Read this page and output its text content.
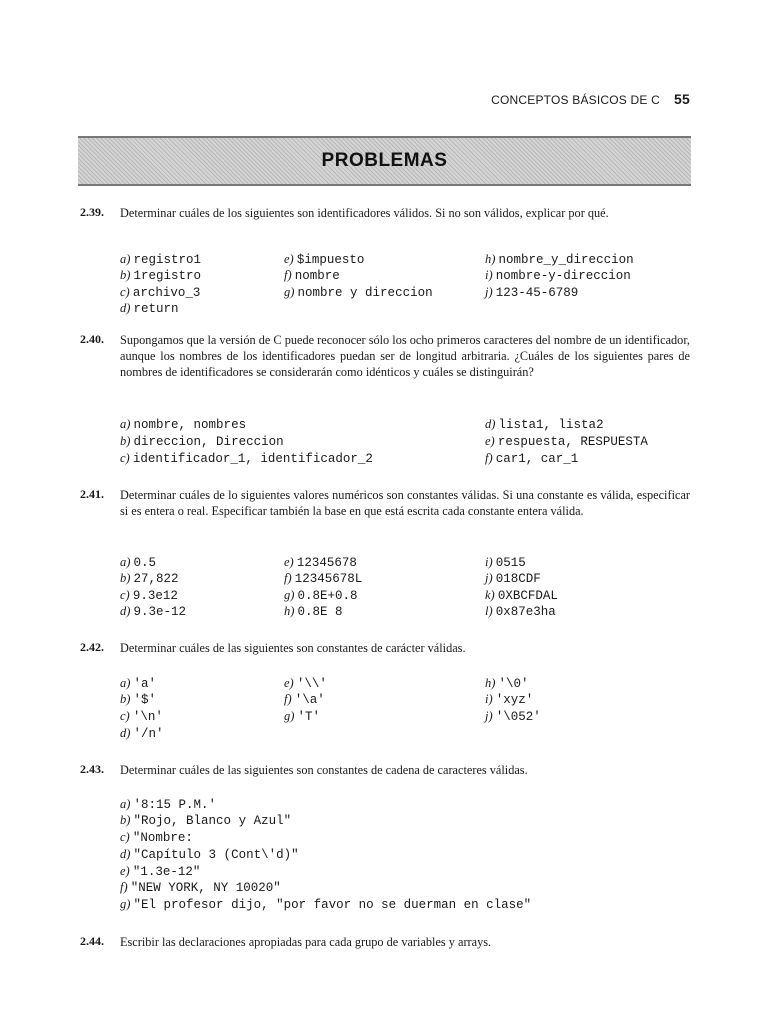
CONCEPTOS BÁSICOS DE C 55
PROBLEMAS
2.39. Determinar cuáles de los siguientes son identificadores válidos. Si no son válidos, explicar por qué.
a) registro1
b) 1registro
c) archivo_3
d) return
e) $impuesto
f) nombre
g) nombre y direccion
h) nombre_y_direccion
i) nombre-y-direccion
j) 123-45-6789
2.40. Supongamos que la versión de C puede reconocer sólo los ocho primeros caracteres del nombre de un identificador, aunque los nombres de los identificadores puedan ser de longitud arbitraria. ¿Cuáles de los siguientes pares de nombres de identificadores se considerarán como idénticos y cuáles se distinguirán?
a) nombre, nombres
b) direccion, Direccion
c) identificador_1, identificador_2
d) lista1, lista2
e) respuesta, RESPUESTA
f) car1, car_1
2.41. Determinar cuáles de lo siguientes valores numéricos son constantes válidas. Si una constante es válida, especificar si es entera o real. Especificar también la base en que está escrita cada constante entera válida.
a) 0.5
b) 27,822
c) 9.3e12
d) 9.3e-12
e) 12345678
f) 12345678L
g) 0.8E+0.8
h) 0.8E 8
i) 0515
j) 018CDF
k) 0XBCFDAL
l) 0x87e3ha
2.42. Determinar cuáles de las siguientes son constantes de carácter válidas.
a) 'a'
b) '$'
c) '\n'
d) '/n'
e) '\\'
f) '\a'
g) 'T'
h) '\0'
i) 'xyz'
j) '\052'
2.43. Determinar cuáles de las siguientes son constantes de cadena de caracteres válidas.
a) '8:15 P.M.'
b) "Rojo, Blanco y Azul"
c) "Nombre:
d) "Capítulo 3 (Cont\'d)"
e) "1.3e-12"
f) "NEW YORK, NY 10020"
g) "El profesor dijo, "por favor no se duerman en clase"
2.44. Escribir las declaraciones apropiadas para cada grupo de variables y arrays.
